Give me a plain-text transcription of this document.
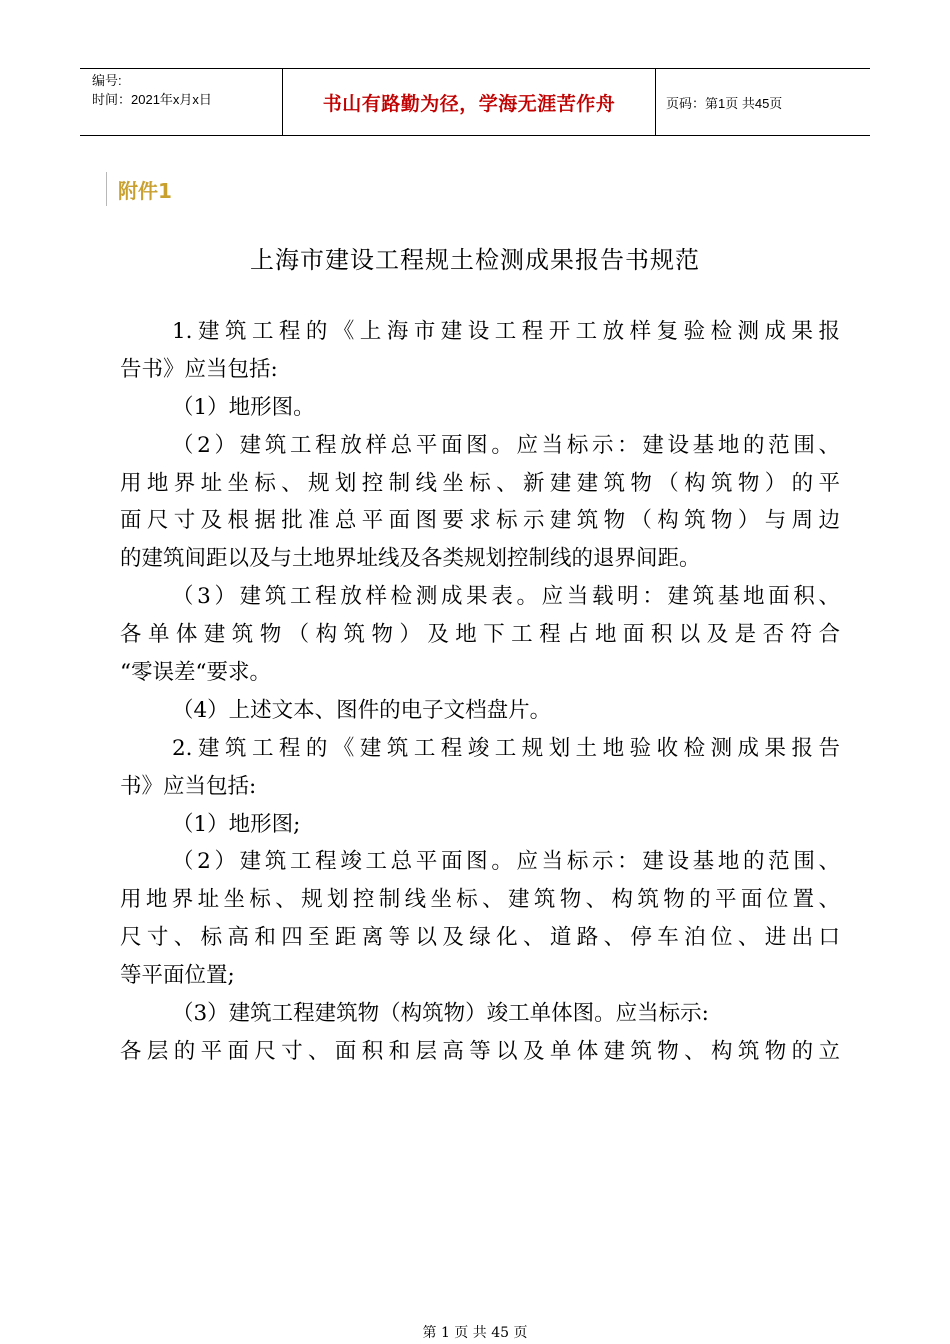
编号:
时间：2021年x月x日	书山有路勤为径，学海无涯苦作舟	页码：第1页 共45页
附件1
上海市建设工程规土检测成果报告书规范
1.建筑工程的《上海市建设工程开工放样复验检测成果报
告书》应当包括:
（1）地形图。
（2）建筑工程放样总平面图。应当标示：建设基地的范围、
用地界址坐标、规划控制线坐标、新建建筑物（构筑物）的平
面尺寸及根据批准总平面图要求标示建筑物（构筑物）与周边
的建筑间距以及与土地界址线及各类规划控制线的退界间距。
（3）建筑工程放样检测成果表。应当载明：建筑基地面积、
各单体建筑物（构筑物）及地下工程占地面积以及是否符合
“零误差“要求。
（4）上述文本、图件的电子文档盘片。
2.建筑工程的《建筑工程竣工规划土地验收检测成果报告
书》应当包括:
（1）地形图;
（2）建筑工程竣工总平面图。应当标示：建设基地的范围、
用地界址坐标、规划控制线坐标、建筑物、构筑物的平面位置、
尺寸、标高和四至距离等以及绿化、道路、停车泊位、进出口
等平面位置;
（3）建筑工程建筑物（构筑物）竣工单体图。应当标示:
各层的平面尺寸、面积和层高等以及单体建筑物、构筑物的立
第 1 页 共 45 页
